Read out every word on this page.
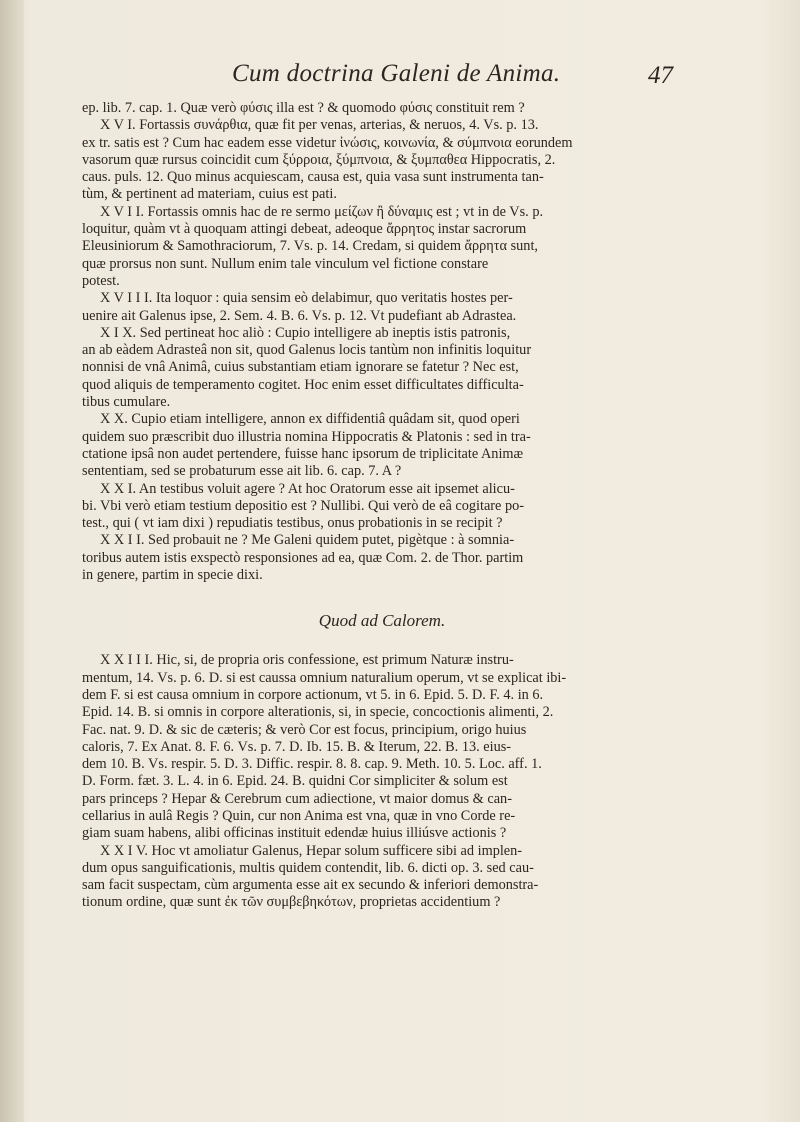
Cum doctrina Galeni de Anima.	47
ep. lib. 7. cap. 1. Quæ verò φύσις illa est ? & quomodo φύσις constituit rem ?
X V I. Fortassis συνάρθια, quæ fit per venas, arterias, & neruos, 4. Vs. p. 13.
ex tr. satis est ? Cum hac eadem esse videtur ἰνώσις, κοινωνία, & σύμπνοια eorundem
vasorum quæ rursus coincidit cum ξύρροια, ξύμπνοια, & ξυμπαθεα Hippocratis, 2.
caus. puls. 12. Quo minus acquiescam, causa est, quia vasa sunt instrumenta tan-
tùm, & pertinent ad materiam, cuius est pati.
X V I I. Fortassis omnis hac de re sermo μείζων ἢ δύναμις est ; vt in de Vs. p.
loquitur, quàm vt à quoquam attingi debeat, adeoque ἄρρητος instar sacrorum
Eleusiniorum & Samothraciorum, 7. Vs. p. 14. Credam, si quidem ἄρρητα sunt,
quæ prorsus non sunt. Nullum enim tale vinculum vel fictione constare
potest.
X V I I I. Ita loquor : quia sensim eò delabimur, quo veritatis hostes per-
uenire ait Galenus ipse, 2. Sem. 4. B. 6. Vs. p. 12. Vt pudefiant ab Adrastea.
X I X. Sed pertineat hoc aliò : Cupio intelligere ab ineptis istis patronis,
an ab eàdem Adrasteâ non sit, quod Galenus locis tantùm non infinitis loquitur
nonnisi de vnâ Animâ, cuius substantiam etiam ignorare se fatetur ? Nec est,
quod aliquis de temperamento cogitet. Hoc enim esset difficultates difficulta-
tibus cumulare.
X X. Cupio etiam intelligere, annon ex diffidentiâ quâdam sit, quod operi
quidem suo præscribit duo illustria nomina Hippocratis & Platonis : sed in tra-
ctatione ipsâ non audet pertendere, fuisse hanc ipsorum de triplicitate Animæ
sententiam, sed se probaturum esse ait lib. 6. cap. 7. A ?
X X I. An testibus voluit agere ? At hoc Oratorum esse ait ipsemet alicu-
bi. Vbi verò etiam testium depositio est ? Nullibi. Qui verò de eâ cogitare po-
test., qui ( vt iam dixi ) repudiatis testibus, onus probationis in se recipit ?
X X I I. Sed probauit ne ? Me Galeni quidem putet, pigètque : à somnia-
toribus autem istis exspectò responsiones ad ea, quæ Com. 2. de Thor. partim
in genere, partim in specie dixi.
Quod ad Calorem.
X X I I I. Hic, si, de propria oris confessione, est primum Naturæ instru-
mentum, 14. Vs. p. 6. D. si est caussa omnium naturalium operum, vt se explicat ibi-
dem F. si est causa omnium in corpore actionum, vt 5. in 6. Epid. 5. D. F. 4. in 6.
Epid. 14. B. si omnis in corpore alterationis, si, in specie, concoctionis alimenti, 2.
Fac. nat. 9. D. & sic de cæteris; & verò Cor est focus, principium, origo huius
caloris, 7. Ex Anat. 8. F. 6. Vs. p. 7. D. Ib. 15. B. & Iterum, 22. B. 13. eius-
dem 10. B. Vs. respir. 5. D. 3. Diffic. respir. 8. 8. cap. 9. Meth. 10. 5. Loc. aff. 1.
D. Form. fæt. 3. L. 4. in 6. Epid. 24. B. quidni Cor simpliciter & solum est
pars princeps ? Hepar & Cerebrum cum adiectione, vt maior domus & can-
cellarius in aulâ Regis ? Quin, cur non Anima est vna, quæ in vno Corde re-
giam suam habens, alibi officinas instituit edendæ huius illiúsve actionis ?
X X I V. Hoc vt amoliatur Galenus, Hepar solum sufficere sibi ad implen-
dum opus sanguificationis, multis quidem contendit, lib. 6. dicti op. 3. sed cau-
sam facit suspectam, cùm argumenta esse ait ex secundo & inferiori demonstra-
tionum ordine, quæ sunt ἐκ τῶν συμβεβηκότων, proprietas accidentium ?
